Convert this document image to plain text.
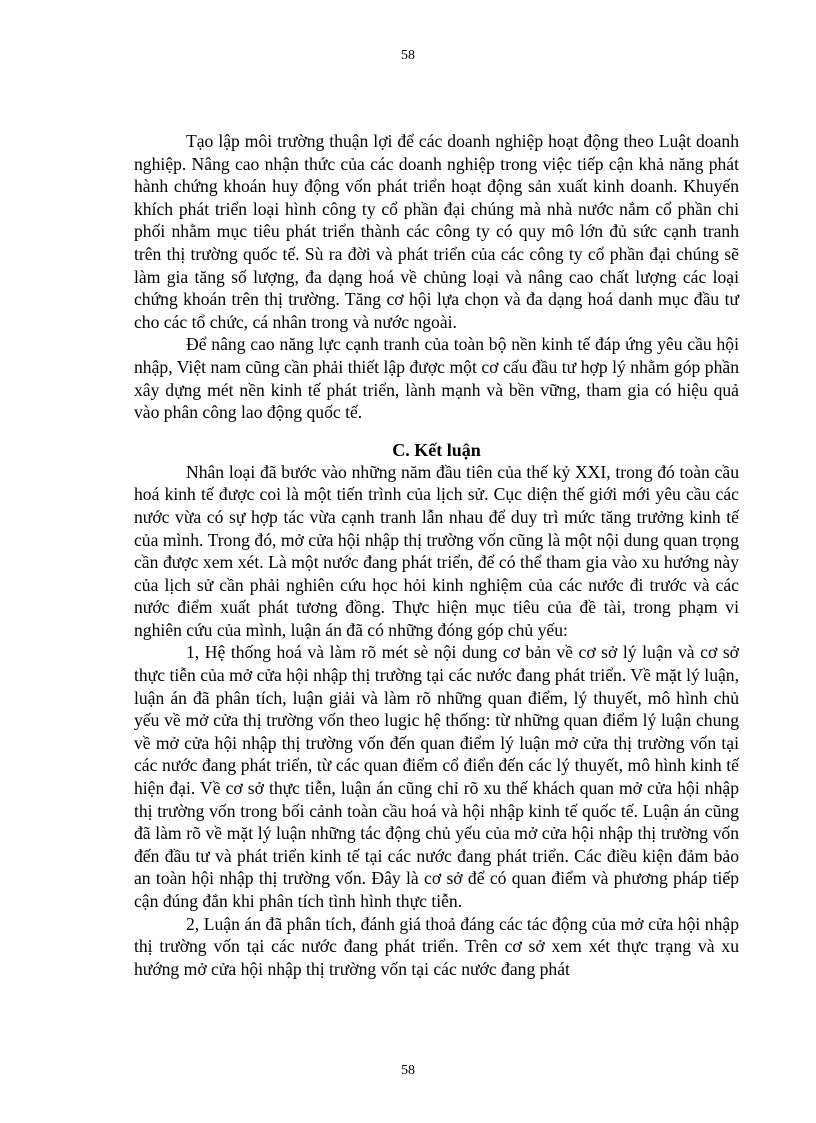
58

Tạo lập môi trường thuận lợi để các doanh nghiệp hoạt động theo Luật doanh nghiệp. Nâng cao nhận thức của các doanh nghiệp trong việc tiếp cận khả năng phát hành chứng khoán huy động vốn phát triển hoạt động sản xuất kinh doanh. Khuyến khích phát triển loại hình công ty cổ phần đại chúng mà nhà nước nắm cổ phần chi phối nhằm mục tiêu phát triển thành các công ty có quy mô lớn đủ sức cạnh tranh trên thị trường quốc tế. Sù ra đời và phát triển của các công ty cổ phần đại chúng sẽ làm gia tăng số lượng, đa dạng hoá về chủng loại và nâng cao chất lượng các loại chứng khoán trên thị trường. Tăng cơ hội lựa chọn và đa dạng hoá danh mục đầu tư cho các tổ chức, cá nhân trong và nước ngoài.

Để nâng cao năng lực cạnh tranh của toàn bộ nền kinh tế đáp ứng yêu cầu hội nhập, Việt nam cũng cần phải thiết lập được một cơ cấu đầu tư hợp lý nhằm góp phần xây dựng mét nền kinh tế phát triển, lành mạnh và bền vững, tham gia có hiệu quả vào phân công lao động quốc tế.

C. Kết luận

Nhân loại đã bước vào những năm đầu tiên của thế kỷ XXI, trong đó toàn cầu hoá kinh tế được coi là một tiến trình của lịch sử. Cục diện thế giới mới yêu cầu các nước vừa có sự hợp tác vừa cạnh tranh lẫn nhau để duy trì mức tăng trưởng kinh tế của mình. Trong đó, mở cửa hội nhập thị trường vốn cũng là một nội dung quan trọng cần được xem xét. Là một nước đang phát triển, để có thể tham gia vào xu hướng này của lịch sử cần phải nghiên cứu học hỏi kinh nghiệm của các nước đi trước và các nước điểm xuất phát tương đồng. Thực hiện mục tiêu của đề tài, trong phạm vi nghiên cứu của mình, luận án đã có những đóng góp chủ yếu:

1, Hệ thống hoá và làm rõ mét sè nội dung cơ bản về cơ sở lý luận và cơ sở thực tiễn của mở cửa hội nhập thị trường tại các nước đang phát triển. Về mặt lý luận, luận án đã phân tích, luận giải và làm rõ những quan điểm, lý thuyết, mô hình chủ yếu về mở cửa thị trường vốn theo lugic hệ thống: từ những quan điểm lý luận chung về mở cửa hội nhập thị trường vốn đến quan điểm lý luận mở cửa thị trường vốn tại các nước đang phát triển, từ các quan điểm cổ điển đến các lý thuyết, mô hình kinh tế hiện đại. Về cơ sở thực tiễn, luận án cũng chỉ rõ xu thế khách quan mở cửa hội nhập thị trường vốn trong bối cảnh toàn cầu hoá và hội nhập kinh tế quốc tế. Luận án cũng đã làm rõ về mặt lý luận những tác động chủ yếu của mở cửa hội nhập thị trường vốn đến đầu tư và phát triển kinh tế tại các nước đang phát triển. Các điều kiện đảm bảo an toàn hội nhập thị trường vốn. Đây là cơ sở để có quan điểm và phương pháp tiếp cận đúng đắn khi phân tích tình hình thực tiễn.

2, Luận án đã phân tích, đánh giá thoả đáng các tác động của mở cửa hội nhập thị trường vốn tại các nước đang phát triển. Trên cơ sở xem xét thực trạng và xu hướng mở cửa hội nhập thị trường vốn tại các nước đang phát

58
